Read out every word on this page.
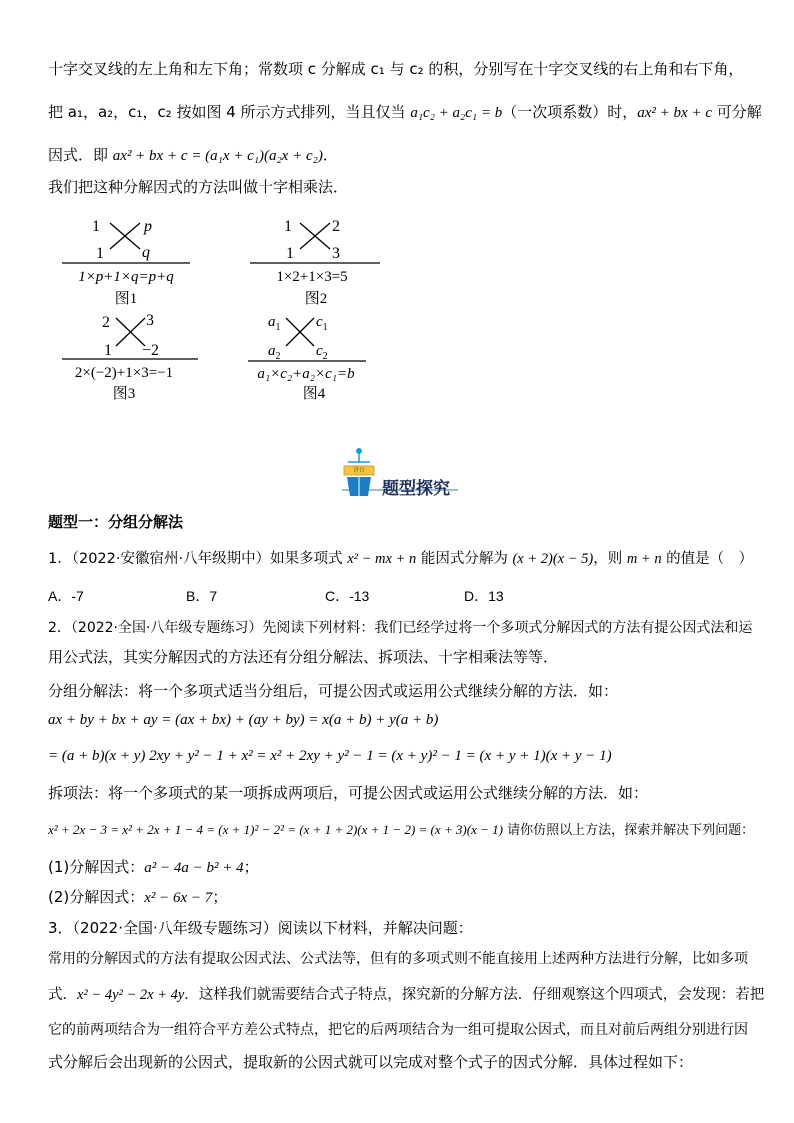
十字交叉线的左上角和左下角；常数项 c 分解成 c₁ 与 c₂ 的积，分别写在十字交叉线的右上角和右下角，
把 a₁，a₂，c₁，c₂ 按如图 4 所示方式排列，当且仅当 a₁c₂ + a₂c₁ = b（一次项系数）时，ax² + bx + c 可分解
因式．即 ax² + bx + c = (a₁x + c₁)(a₂x + c₂)．
我们把这种分解因式的方法叫做十字相乘法．
1	p
1 q
1×p+1×q=p+q
图1
1	2
1 3
1×2+1×3=5
图2
2 3
1 −2
2×(−2)+1×3=−1
图3
$a_1$ $c_1$
$a_2$ $c_2$
a₁×c₂+a₂×c₁=b
图4
讲台
题型探究
题型一：分组分解法
1．（2022·安徽宿州·八年级期中）如果多项式 x² − mx + n 能因式分解为 (x + 2)(x − 5)，则 m + n 的值是（　）
A．-7	B．7	C．-13	D．13
2．（2022·全国·八年级专题练习）先阅读下列材料：我们已经学过将一个多项式分解因式的方法有提公因式法和运
用公式法，其实分解因式的方法还有分组分解法、拆项法、十字相乘法等等．
分组分解法：将一个多项式适当分组后，可提公因式或运用公式继续分解的方法．如：
ax + by + bx + ay = (ax + bx) + (ay + by) = x(a + b) + y(a + b)
= (a + b)(x + y) 2xy + y² − 1 + x² = x² + 2xy + y² − 1 = (x + y)² − 1 = (x + y + 1)(x + y − 1)
拆项法：将一个多项式的某一项拆成两项后，可提公因式或运用公式继续分解的方法．如：
x² + 2x − 3 = x² + 2x + 1 − 4 = (x + 1)² − 2² = (x + 1 + 2)(x + 1 − 2) = (x + 3)(x − 1) 请你仿照以上方法，探索并解决下列问题：
(1)分解因式：a² − 4a − b² + 4；
(2)分解因式：x² − 6x − 7；
3．（2022·全国·八年级专题练习）阅读以下材料，并解决问题：
常用的分解因式的方法有提取公因式法、公式法等，但有的多项式则不能直接用上述两种方法进行分解，比如多项
式．x² − 4y² − 2x + 4y．这样我们就需要结合式子特点，探究新的分解方法．仔细观察这个四项式，会发现：若把
它的前两项结合为一组符合平方差公式特点，把它的后两项结合为一组可提取公因式，而且对前后两组分别进行因
式分解后会出现新的公因式，提取新的公因式就可以完成对整个式子的因式分解．具体过程如下：
